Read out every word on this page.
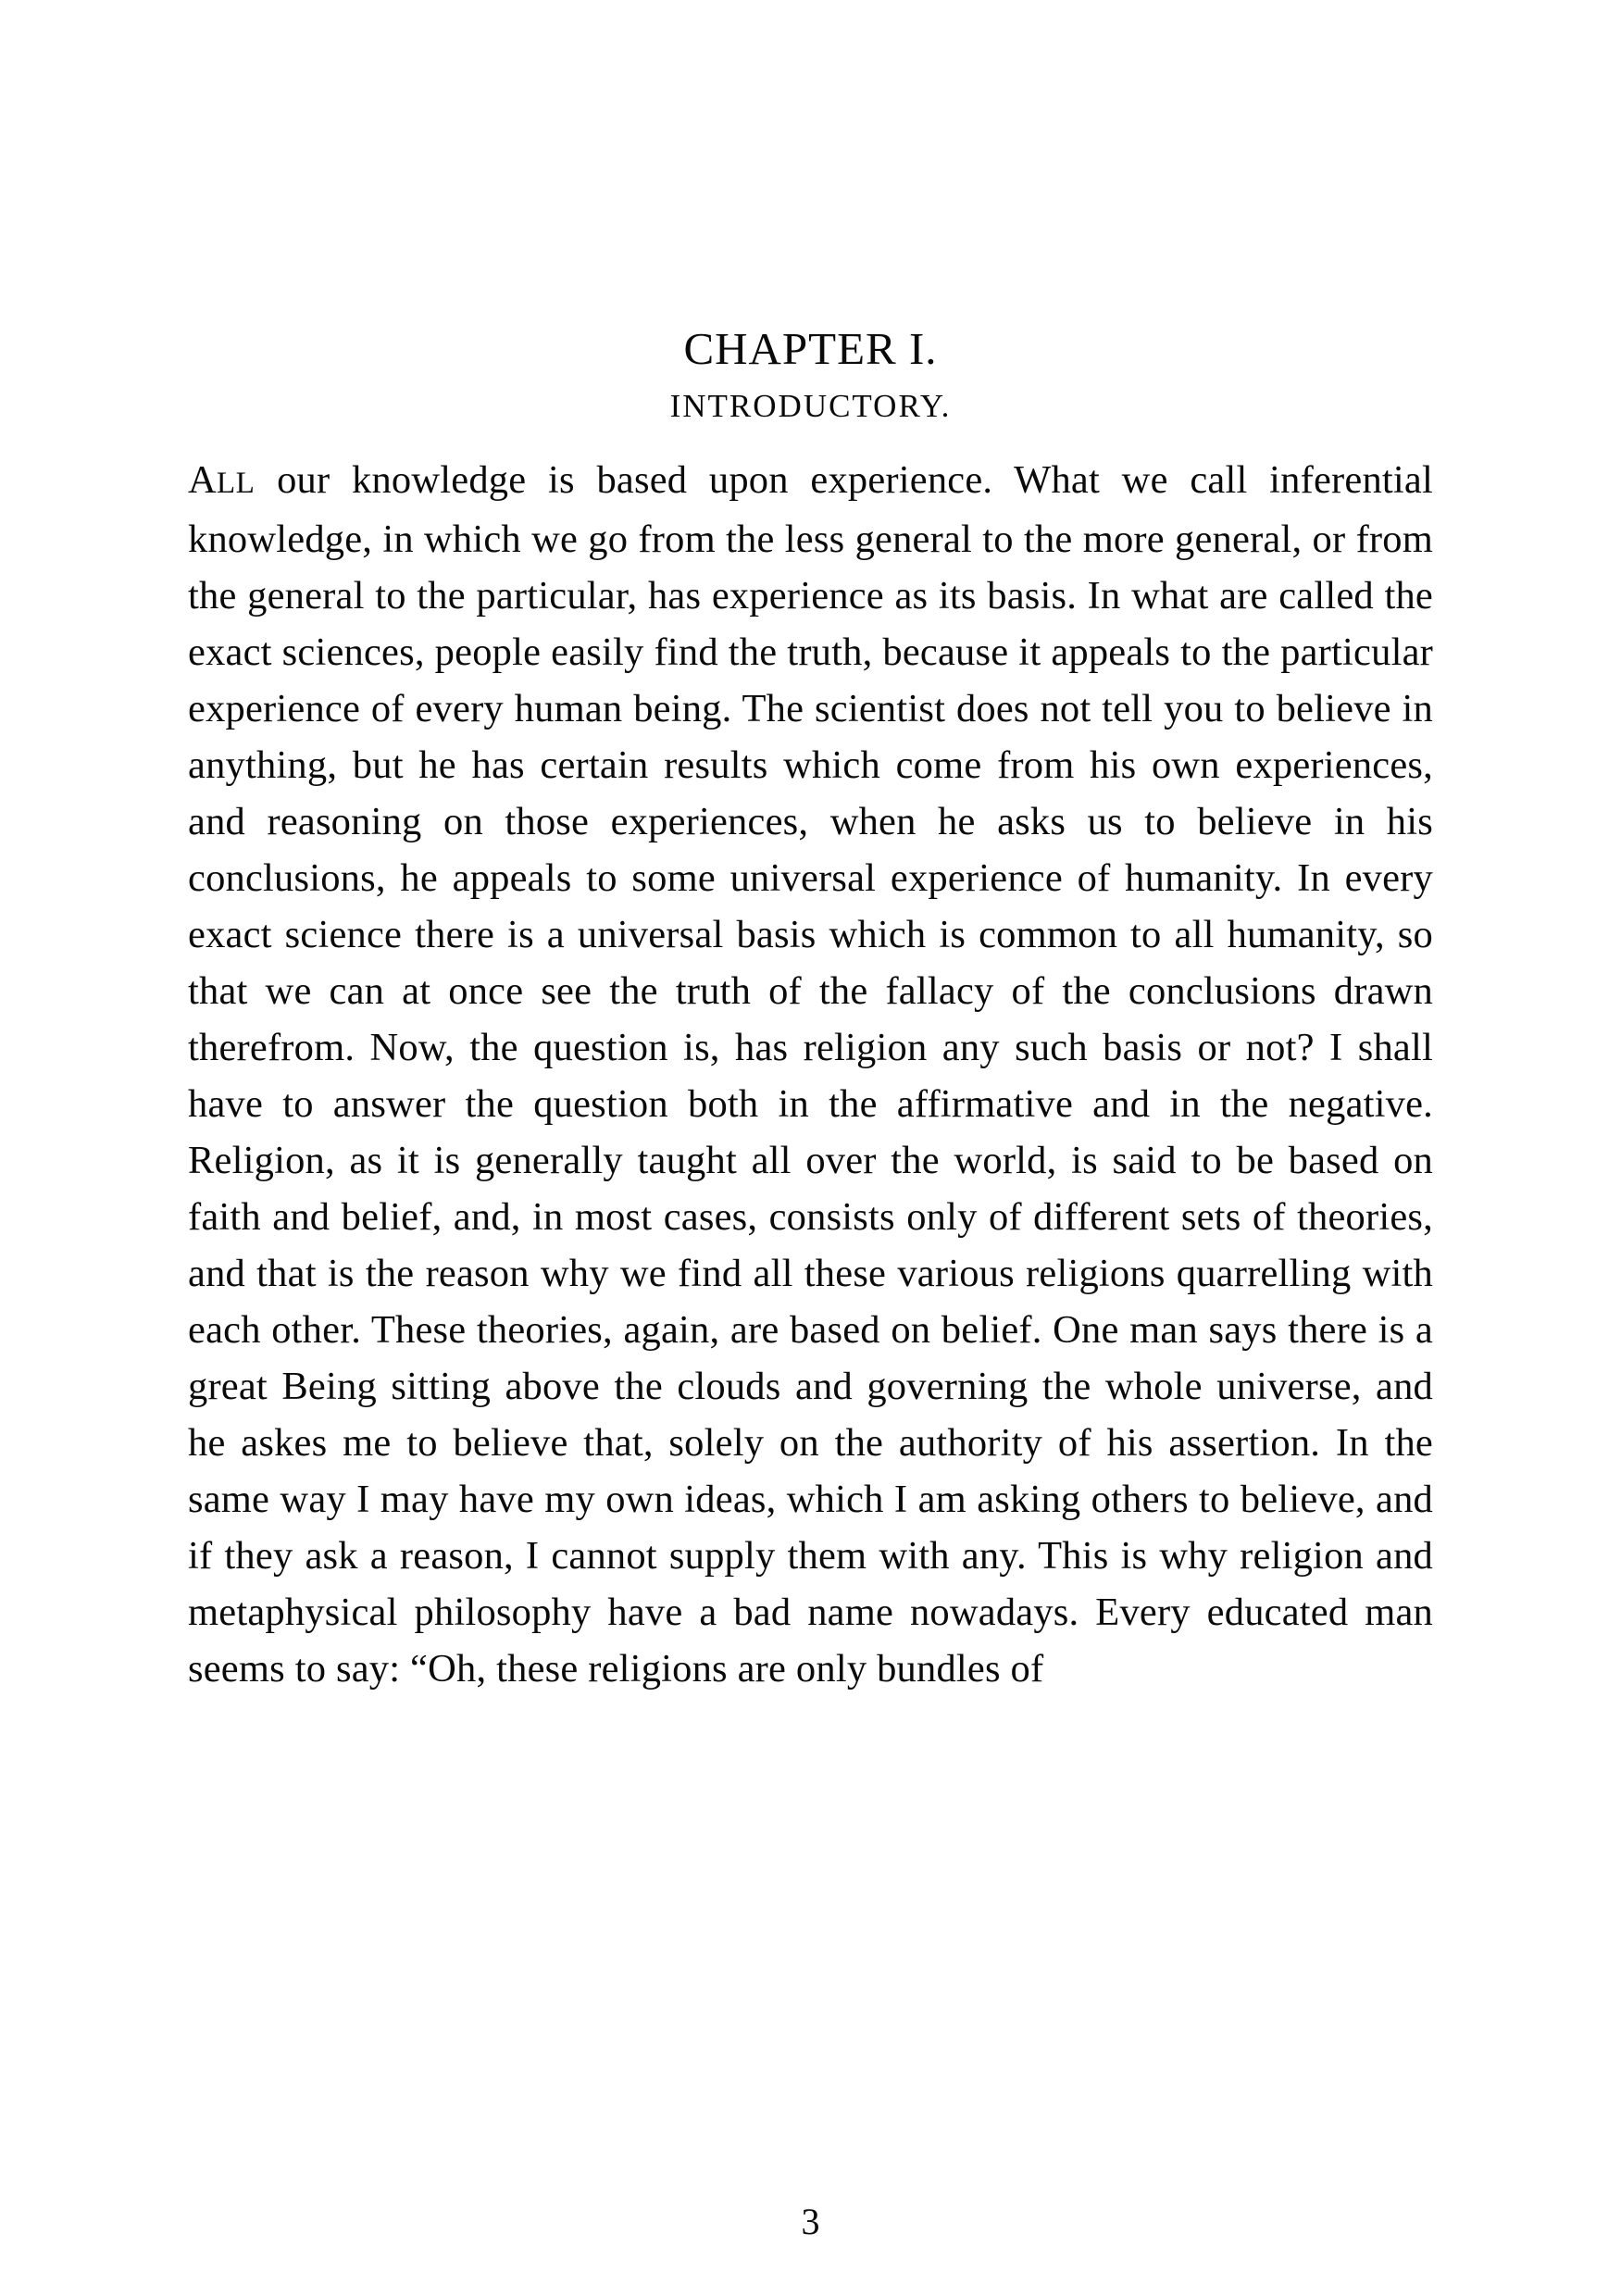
CHAPTER I.
INTRODUCTORY.

ALL our knowledge is based upon experience. What we call inferential knowledge, in which we go from the less general to the more general, or from the general to the particular, has experience as its basis. In what are called the exact sciences, people easily find the truth, because it appeals to the particular experience of every human being. The scientist does not tell you to believe in anything, but he has certain results which come from his own experiences, and reasoning on those experiences, when he asks us to believe in his conclusions, he appeals to some universal experience of humanity. In every exact science there is a universal basis which is common to all humanity, so that we can at once see the truth of the fallacy of the conclusions drawn therefrom. Now, the question is, has religion any such basis or not? I shall have to answer the question both in the affirmative and in the negative. Religion, as it is generally taught all over the world, is said to be based on faith and belief, and, in most cases, consists only of different sets of theories, and that is the reason why we find all these various religions quarrelling with each other. These theories, again, are based on belief. One man says there is a great Being sitting above the clouds and governing the whole universe, and he askes me to believe that, solely on the authority of his assertion. In the same way I may have my own ideas, which I am asking others to believe, and if they ask a reason, I cannot supply them with any. This is why religion and metaphysical philosophy have a bad name nowadays. Every educated man seems to say: “Oh, these religions are only bundles of

3
